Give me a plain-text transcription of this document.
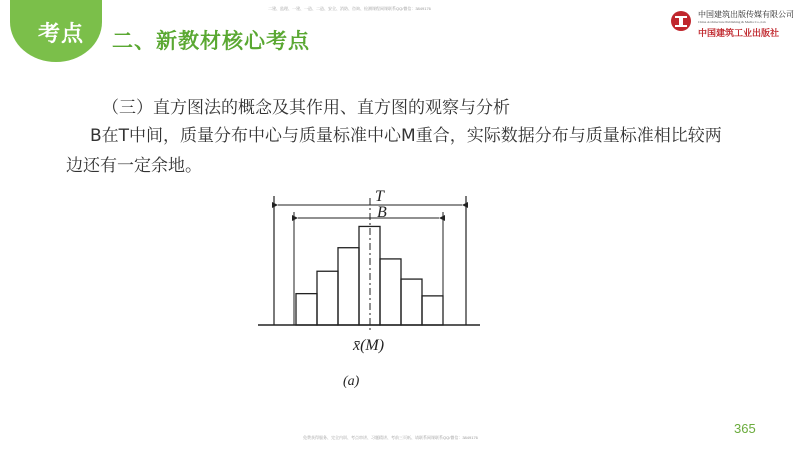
考点 二、新教材核心考点
二建、监理、一建、一造、二造、安全、消防、咨询、检测课程网课联系QQ/微信：3849176
中国建筑出版传媒有限公司
China Architecture Publishing & Media Co.,Ltd.
中国建筑工业出版社
（三）直方图法的概念及其作用、直方图的观察与分析
B在T中间，质量分布中心与质量标准中心M重合，实际数据分布与质量标准相比较两边还有一定余地。
T
B
x̄(M)
(a)
免费获得服务、完全内训、考点串讲、习题精讲、考前三页纸、请联系网课联系QQ/微信：3849176
365
